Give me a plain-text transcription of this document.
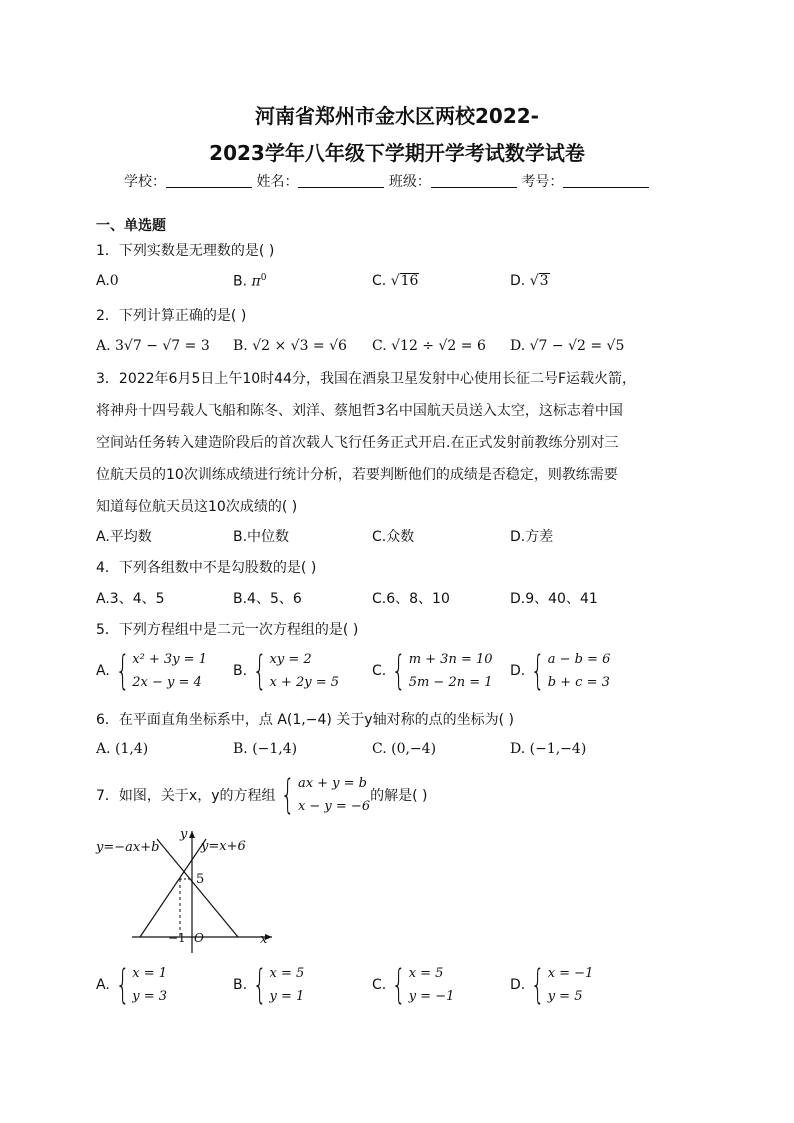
河南省郑州市金水区两校2022-
2023学年八年级下学期开学考试数学试卷
学校：	姓名：	班级：	考号：
一、单选题
1．下列实数是无理数的是( )
A.0	B. $\pi^0$	C. √16	D. √3
2．下列计算正确的是( )
A. 3√7 − √7 = 3 B. √2 × √3 = √6 C. √12 ÷ √2 = 6 D. √7 − √2 = √5
3．2022年6月5日上午10时44分，我国在酒泉卫星发射中心使用长征二号F运载火箭，
将神舟十四号载人飞船和陈冬、刘洋、蔡旭哲3名中国航天员送入太空，这标志着中国
空间站任务转入建造阶段后的首次载人飞行任务正式开启.在正式发射前教练分别对三
位航天员的10次训练成绩进行统计分析，若要判断他们的成绩是否稳定，则教练需要
知道每位航天员这10次成绩的( )
A.平均数	B.中位数	C.众数	D.方差
4．下列各组数中不是勾股数的是( )
A.3、4、5	B.4、5、6	C.6、8、10	D.9、40、41
5．下列方程组中是二元一次方程组的是( )
A. { x² + 3y = 1
2x − y = 4
B. { xy = 2
x + 2y = 5
C. { m + 3n = 10
5m − 2n = 1
D. { a − b = 6
b + c = 3
6．在平面直角坐标系中，点 A(1,−4) 关于y轴对称的点的坐标为( )
A. (1,4)	B. (−1,4)	C. (0,−4)	D. (−1,−4)
7．如图，关于x，y的方程组 { ax + y = b
x − y = −6
的解是( )
y=−ax+b	y=x+6
y
x
5
−1 O
A. { x = 1
y = 3
B. { x = 5
y = 1
C. { x = 5
y = −1
D. { x = −1
y = 5
